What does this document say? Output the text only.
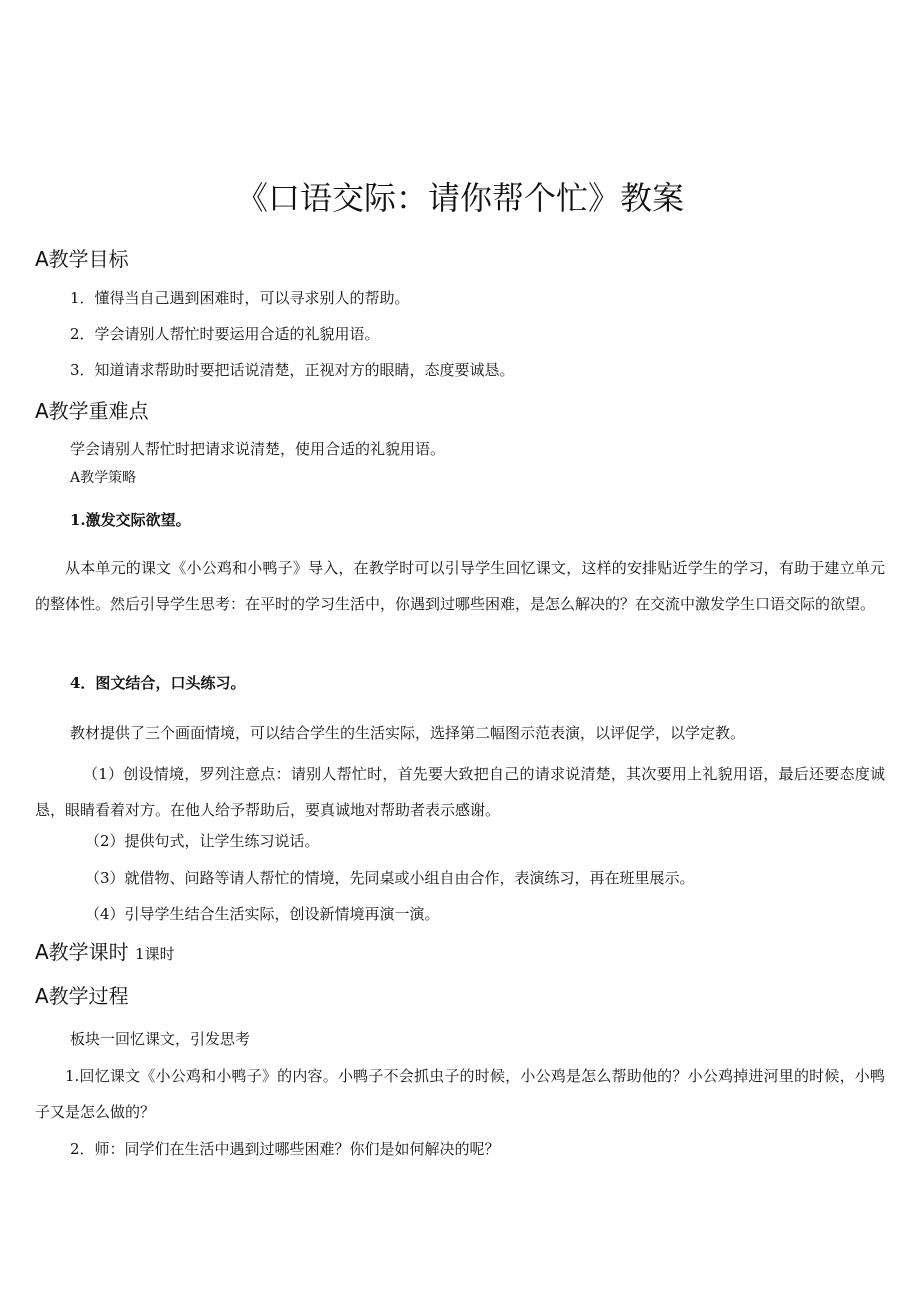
《口语交际：请你帮个忙》教案
A教学目标
1．懂得当自己遇到困难时，可以寻求别人的帮助。
2．学会请别人帮忙时要运用合适的礼貌用语。
3．知道请求帮助时要把话说清楚，正视对方的眼睛，态度要诚恳。
A教学重难点
学会请别人帮忙时把请求说清楚，使用合适的礼貌用语。
A教学策略
1.激发交际欲望。
从本单元的课文《小公鸡和小鸭子》导入，在教学时可以引导学生回忆课文，这样的安排贴近学生的学习，有助于建立单元的整体性。然后引导学生思考：在平时的学习生活中，你遇到过哪些困难，是怎么解决的？在交流中激发学生口语交际的欲望。
4．图文结合，口头练习。
教材提供了三个画面情境，可以结合学生的生活实际，选择第二幅图示范表演，以评促学，以学定教。
（1）创设情境，罗列注意点：请别人帮忙时，首先要大致把自己的请求说清楚，其次要用上礼貌用语，最后还要态度诚恳，眼睛看着对方。在他人给予帮助后，要真诚地对帮助者表示感谢。
（2）提供句式，让学生练习说话。
（3）就借物、问路等请人帮忙的情境，先同桌或小组自由合作，表演练习，再在班里展示。
（4）引导学生结合生活实际，创设新情境再演一演。
A教学课时 1课时
A教学过程
板块一回忆课文，引发思考
1.回忆课文《小公鸡和小鸭子》的内容。小鸭子不会抓虫子的时候，小公鸡是怎么帮助他的？小公鸡掉进河里的时候，小鸭子又是怎么做的？
2．师：同学们在生活中遇到过哪些困难？你们是如何解决的呢？
